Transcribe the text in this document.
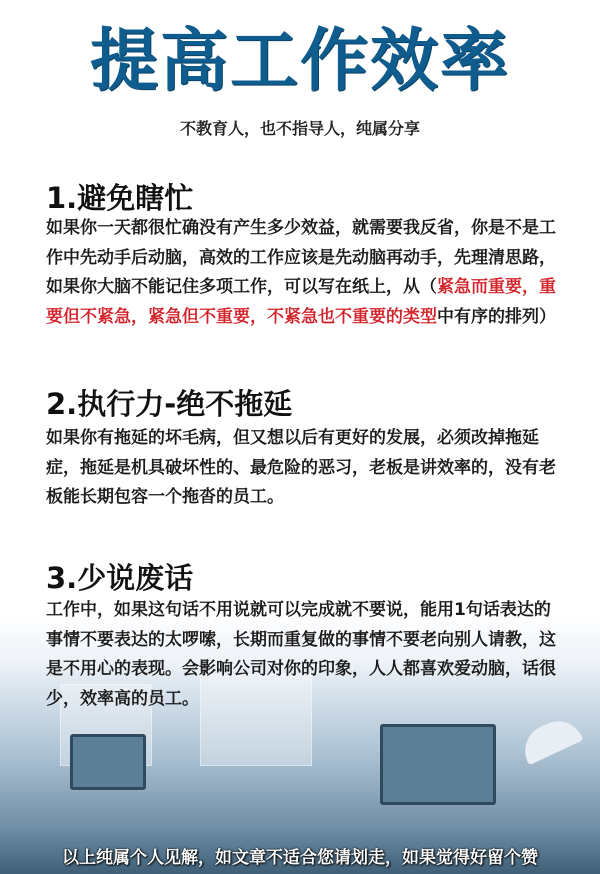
提高工作效率
不教育人，也不指导人，纯属分享
1.避免瞎忙
如果你一天都很忙确没有产生多少效益，就需要我反省，你是不是工作中先动手后动脑，高效的工作应该是先动脑再动手，先理清思路，如果你大脑不能记住多项工作，可以写在纸上，从（紧急而重要，重要但不紧急，紧急但不重要，不紧急也不重要的类型中有序的排列）
2.执行力-绝不拖延
如果你有拖延的坏毛病，但又想以后有更好的发展，必须改掉拖延症，拖延是机具破坏性的、最危险的恶习，老板是讲效率的，没有老板能长期包容一个拖沓的员工。
3.少说废话
工作中，如果这句话不用说就可以完成就不要说，能用1句话表达的事情不要表达的太啰嗦，长期而重复做的事情不要老向别人请教，这是不用心的表现。会影响公司对你的印象，人人都喜欢爱动脑，话很少，效率高的员工。
以上纯属个人见解，如文章不适合您请划走，如果觉得好留个赞
